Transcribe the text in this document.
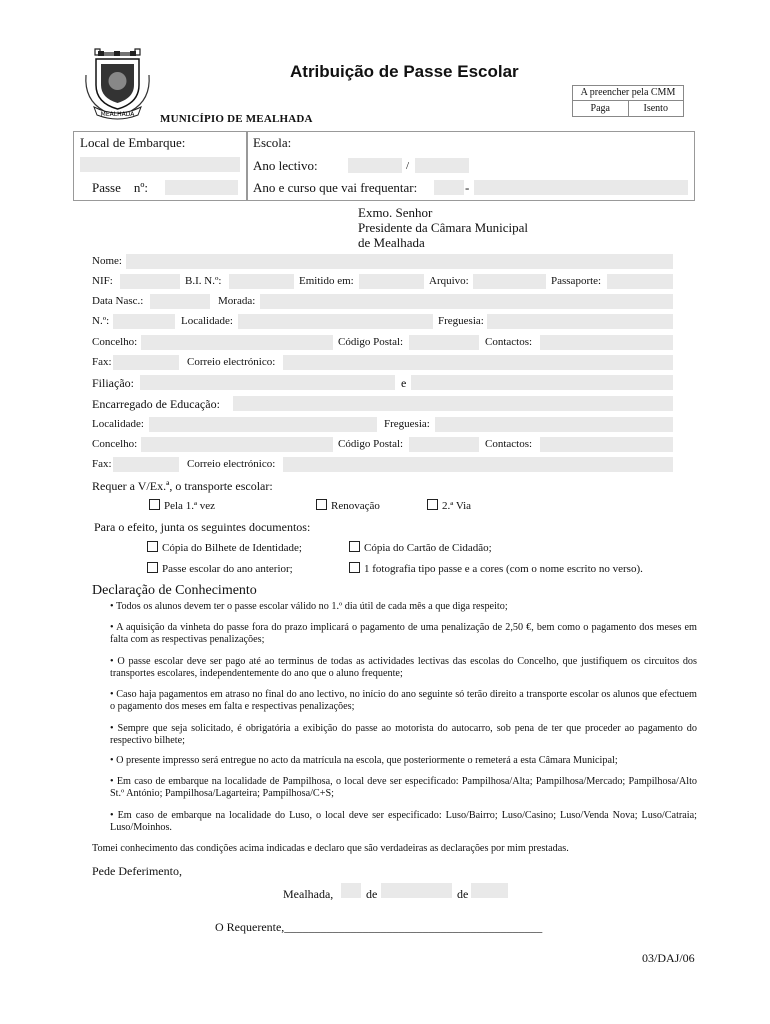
MEALHADA
Atribuição de Passe Escolar
MUNICÍPIO DE MEALHADA
A preencher pela CMM
Paga	Isento
Local de Embarque:
Passe    nº:
Escola:
Ano lectivo:	/
Ano e curso que vai frequentar:	-
Exmo. Senhor
Presidente da Câmara Municipal
de Mealhada
Nome:
NIF:	B.I. N.º:	Emitido em:	Arquivo:	Passaporte:
Data Nasc.:	Morada:
N.º:	Localidade:	Freguesia:
Concelho:	Código Postal:	Contactos:
Fax:	Correio electrónico:
Filiação:	e
Encarregado de Educação:
Localidade:	Freguesia:
Concelho:	Código Postal:	Contactos:
Fax:	Correio electrónico:
Requer a V/Ex.ª, o transporte escolar:
Pela 1.ª vez	Renovação	2.ª Via
Para o efeito, junta os seguintes documentos:
Cópia do Bilhete de Identidade;	Cópia do Cartão de Cidadão;
Passe escolar do ano anterior;	1 fotografia tipo passe e a cores (com o nome escrito no verso).
Declaração de Conhecimento
• Todos os alunos devem ter o passe escolar válido no 1.º dia útil de cada mês a que diga respeito;
• A aquisição da vinheta do passe fora do prazo implicará o pagamento de uma penalização de 2,50 €, bem como o pagamento dos meses em falta com as respectivas penalizações;
• O passe escolar deve ser pago até ao terminus de todas as actividades lectivas das escolas do Concelho, que justifiquem os circuitos dos transportes escolares, independentemente do ano que o aluno frequente;
• Caso haja pagamentos em atraso no final do ano lectivo, no início do ano seguinte só terão direito a transporte escolar os alunos que efectuem o pagamento dos meses em falta e respectivas penalizações;
• Sempre que seja solicitado, é obrigatória a exibição do passe ao motorista do autocarro, sob pena de ter que proceder ao pagamento do respectivo bilhete;
• O presente impresso será entregue no acto da matrícula na escola, que posteriormente o remeterá a esta Câmara Municipal;
• Em caso de embarque na localidade de Pampilhosa, o local deve ser especificado: Pampilhosa/Alta; Pampilhosa/Mercado; Pampilhosa/Alto St.º António; Pampilhosa/Lagarteira; Pampilhosa/C+S;
• Em caso de embarque na localidade do Luso, o local deve ser especificado: Luso/Bairro; Luso/Casino; Luso/Venda Nova; Luso/Catraia; Luso/Moinhos.
Tomei conhecimento das condições acima indicadas e declaro que são verdadeiras as declarações por mim prestadas.
Pede Deferimento,
Mealhada,	de	de
O Requerente,___________________________________________
03/DAJ/06
